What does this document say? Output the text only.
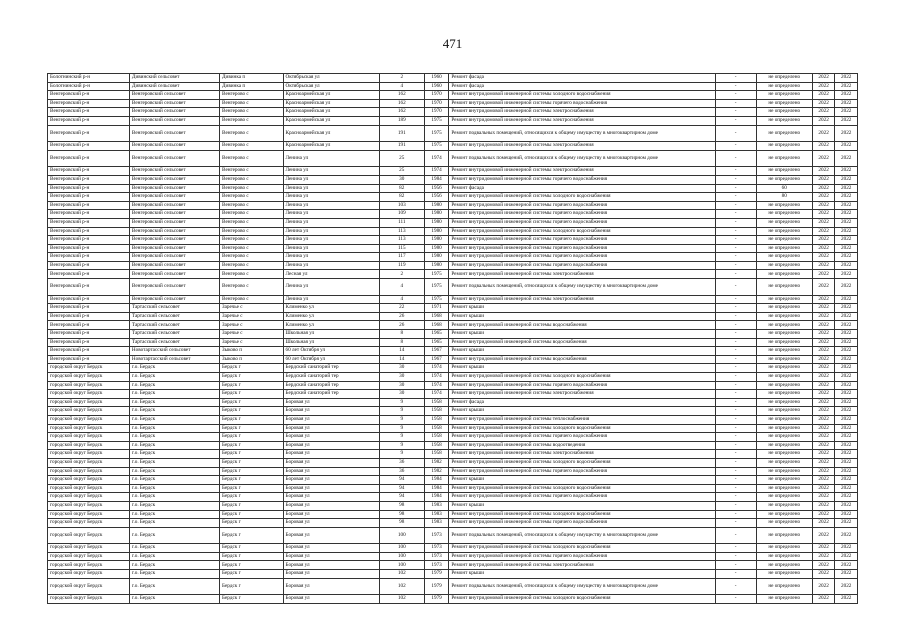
471
Болотнинский р-н	Дивинский сельсовет	Дивинка п	Октябрьская ул	2	1960	Ремонт фасада	-	не определено	2022	2022
Болотнинский р-н	Дивинский сельсовет	Дивинка п	Октябрьская ул	4	1960	Ремонт фасада	-	не определено	2022	2022
Венгеровский р-н	Венгеровский сельсовет	Венгерово с	Красноармейская ул	162	1970	Ремонт внутридомовой инженерной системы холодного водоснабжения	-	не определено	2022	2022
Венгеровский р-н	Венгеровский сельсовет	Венгерово с	Красноармейская ул	162	1970	Ремонт внутридомовой инженерной системы горячего водоснабжения	-	не определено	2022	2022
Венгеровский р-н	Венгеровский сельсовет	Венгерово с	Красноармейская ул	162	1970	Ремонт внутридомовой инженерной системы электроснабжения	-	не определено	2022	2022
Венгеровский р-н	Венгеровский сельсовет	Венгерово с	Красноармейская ул	189	1975	Ремонт внутридомовой инженерной системы электроснабжения	-	не определено	2022	2022
Венгеровский р-н	Венгеровский сельсовет	Венгерово с	Красноармейская ул	191	1975	Ремонт подвальных помещений, относящихся к общему имуществу в многоквартирном доме	-	не определено	2022	2022
Венгеровский р-н	Венгеровский сельсовет	Венгерово с	Красноармейская ул	191	1975	Ремонт внутридомовой инженерной системы электроснабжения	-	не определено	2022	2022
Венгеровский р-н	Венгеровский сельсовет	Венгерово с	Ленина ул	25	1974	Ремонт подвальных помещений, относящихся к общему имуществу в многоквартирном доме	-	не определено	2022	2022
Венгеровский р-н	Венгеровский сельсовет	Венгерово с	Ленина ул	25	1974	Ремонт внутридомовой инженерной системы электроснабжения	-	не определено	2022	2022
Венгеровский р-н	Венгеровский сельсовет	Венгерово с	Ленина ул	30	1984	Ремонт внутридомовой инженерной системы горячего водоснабжения	-	не определено	2022	2022
Венгеровский р-н	Венгеровский сельсовет	Венгерово с	Ленина ул	82	1956	Ремонт фасада	-	60	2022	2022
Венгеровский р-н	Венгеровский сельсовет	Венгерово с	Ленина ул	82	1956	Ремонт внутридомовой инженерной системы холодного водоснабжения	-	80	2022	2022
Венгеровский р-н	Венгеровский сельсовет	Венгерово с	Ленина ул	103	1980	Ремонт внутридомовой инженерной системы горячего водоснабжения	-	не определено	2022	2022
Венгеровский р-н	Венгеровский сельсовет	Венгерово с	Ленина ул	109	1980	Ремонт внутридомовой инженерной системы горячего водоснабжения	-	не определено	2022	2022
Венгеровский р-н	Венгеровский сельсовет	Венгерово с	Ленина ул	111	1980	Ремонт внутридомовой инженерной системы горячего водоснабжения	-	не определено	2022	2022
Венгеровский р-н	Венгеровский сельсовет	Венгерово с	Ленина ул	113	1980	Ремонт внутридомовой инженерной системы холодного водоснабжения	-	не определено	2022	2022
Венгеровский р-н	Венгеровский сельсовет	Венгерово с	Ленина ул	113	1980	Ремонт внутридомовой инженерной системы горячего водоснабжения	-	не определено	2022	2022
Венгеровский р-н	Венгеровский сельсовет	Венгерово с	Ленина ул	115	1980	Ремонт внутридомовой инженерной системы горячего водоснабжения	-	не определено	2022	2022
Венгеровский р-н	Венгеровский сельсовет	Венгерово с	Ленина ул	117	1980	Ремонт внутридомовой инженерной системы горячего водоснабжения	-	не определено	2022	2022
Венгеровский р-н	Венгеровский сельсовет	Венгерово с	Ленина ул	119	1980	Ремонт внутридомовой инженерной системы горячего водоснабжения	-	не определено	2022	2022
Венгеровский р-н	Венгеровский сельсовет	Венгерово с	Лесная ул	2	1975	Ремонт внутридомовой инженерной системы электроснабжения	-	не определено	2022	2022
Венгеровский р-н	Венгеровский сельсовет	Венгерово с	Ленина ул	4	1975	Ремонт подвальных помещений, относящихся к общему имуществу в многоквартирном доме	-	не определено	2022	2022
Венгеровский р-н	Венгеровский сельсовет	Венгерово с	Ленина ул	4	1975	Ремонт внутридомовой инженерной системы электроснабжения	-	не определено	2022	2022
Венгеровский р-н	Тартасский сельсовет	Заречье с	Клименко ул	22	1971	Ремонт крыши	-	не определено	2022	2022
Венгеровский р-н	Тартасский сельсовет	Заречье с	Клименко ул	26	1968	Ремонт крыши	-	не определено	2022	2022
Венгеровский р-н	Тартасский сельсовет	Заречье с	Клименко ул	26	1968	Ремонт внутридомовой инженерной системы водоснабжения	-	не определено	2022	2022
Венгеровский р-н	Тартасский сельсовет	Заречье с	Школьная ул	8	1965	Ремонт крыши	-	не определено	2022	2022
Венгеровский р-н	Тартасский сельсовет	Заречье с	Школьная ул	8	1965	Ремонт внутридомовой инженерной системы водоснабжения	-	не определено	2022	2022
Венгеровский р-н	Новотартасский сельсовет	Зыково п	60 лет Октября ул	14	1967	Ремонт крыши	-	не определено	2022	2022
Венгеровский р-н	Новотартасский сельсовет	Зыково п	60 лет Октября ул	14	1967	Ремонт внутридомовой инженерной системы водоснабжения	-	не определено	2022	2022
городской округ Бердск	г.о. Бердск	Бердск г	Бердский санаторий тер	30	1974	Ремонт крыши	-	не определено	2022	2022
городской округ Бердск	г.о. Бердск	Бердск г	Бердский санаторий тер	30	1974	Ремонт внутридомовой инженерной системы холодного водоснабжения	-	не определено	2022	2022
городской округ Бердск	г.о. Бердск	Бердск г	Бердский санаторий тер	30	1974	Ремонт внутридомовой инженерной системы горячего водоснабжения	-	не определено	2022	2022
городской округ Бердск	г.о. Бердск	Бердск г	Бердский санаторий тер	30	1974	Ремонт внутридомовой инженерной системы электроснабжения	-	не определено	2022	2022
городской округ Бердск	г.о. Бердск	Бердск г	Боровая ул	9	1958	Ремонт фасада	-	не определено	2022	2022
городской округ Бердск	г.о. Бердск	Бердск г	Боровая ул	9	1958	Ремонт крыши	-	не определено	2022	2022
городской округ Бердск	г.о. Бердск	Бердск г	Боровая ул	9	1958	Ремонт внутридомовой инженерной системы теплоснабжения	-	не определено	2022	2022
городской округ Бердск	г.о. Бердск	Бердск г	Боровая ул	9	1958	Ремонт внутридомовой инженерной системы холодного водоснабжения	-	не определено	2022	2022
городской округ Бердск	г.о. Бердск	Бердск г	Боровая ул	9	1958	Ремонт внутридомовой инженерной системы горячего водоснабжения	-	не определено	2022	2022
городской округ Бердск	г.о. Бердск	Бердск г	Боровая ул	9	1958	Ремонт внутридомовой инженерной системы водоотведения	-	не определено	2022	2022
городской округ Бердск	г.о. Бердск	Бердск г	Боровая ул	9	1958	Ремонт внутридомовой инженерной системы электроснабжения	-	не определено	2022	2022
городской округ Бердск	г.о. Бердск	Бердск г	Боровая ул	36	1982	Ремонт внутридомовой инженерной системы холодного водоснабжения	-	не определено	2022	2022
городской округ Бердск	г.о. Бердск	Бердск г	Боровая ул	36	1982	Ремонт внутридомовой инженерной системы горячего водоснабжения	-	не определено	2022	2022
городской округ Бердск	г.о. Бердск	Бердск г	Боровая ул	94	1984	Ремонт крыши	-	не определено	2022	2022
городской округ Бердск	г.о. Бердск	Бердск г	Боровая ул	94	1984	Ремонт внутридомовой инженерной системы холодного водоснабжения	-	не определено	2022	2022
городской округ Бердск	г.о. Бердск	Бердск г	Боровая ул	94	1984	Ремонт внутридомовой инженерной системы горячего водоснабжения	-	не определено	2022	2022
городской округ Бердск	г.о. Бердск	Бердск г	Боровая ул	98	1983	Ремонт крыши	-	не определено	2022	2022
городской округ Бердск	г.о. Бердск	Бердск г	Боровая ул	98	1983	Ремонт внутридомовой инженерной системы холодного водоснабжения	-	не определено	2022	2022
городской округ Бердск	г.о. Бердск	Бердск г	Боровая ул	98	1983	Ремонт внутридомовой инженерной системы горячего водоснабжения	-	не определено	2022	2022
городской округ Бердск	г.о. Бердск	Бердск г	Боровая ул	100	1973	Ремонт подвальных помещений, относящихся к общему имуществу в многоквартирном доме	-	не определено	2022	2022
городской округ Бердск	г.о. Бердск	Бердск г	Боровая ул	100	1973	Ремонт внутридомовой инженерной системы холодного водоснабжения	-	не определено	2022	2022
городской округ Бердск	г.о. Бердск	Бердск г	Боровая ул	100	1973	Ремонт внутридомовой инженерной системы горячего водоснабжения	-	не определено	2022	2022
городской округ Бердск	г.о. Бердск	Бердск г	Боровая ул	100	1973	Ремонт внутридомовой инженерной системы электроснабжения	-	не определено	2022	2022
городской округ Бердск	г.о. Бердск	Бердск г	Боровая ул	102	1979	Ремонт крыши	-	не определено	2022	2022
городской округ Бердск	г.о. Бердск	Бердск г	Боровая ул	102	1979	Ремонт подвальных помещений, относящихся к общему имуществу в многоквартирном доме	-	не определено	2022	2022
городской округ Бердск	г.о. Бердск	Бердск г	Боровая ул	102	1979	Ремонт внутридомовой инженерной системы холодного водоснабжения	-	не определено	2022	2022
